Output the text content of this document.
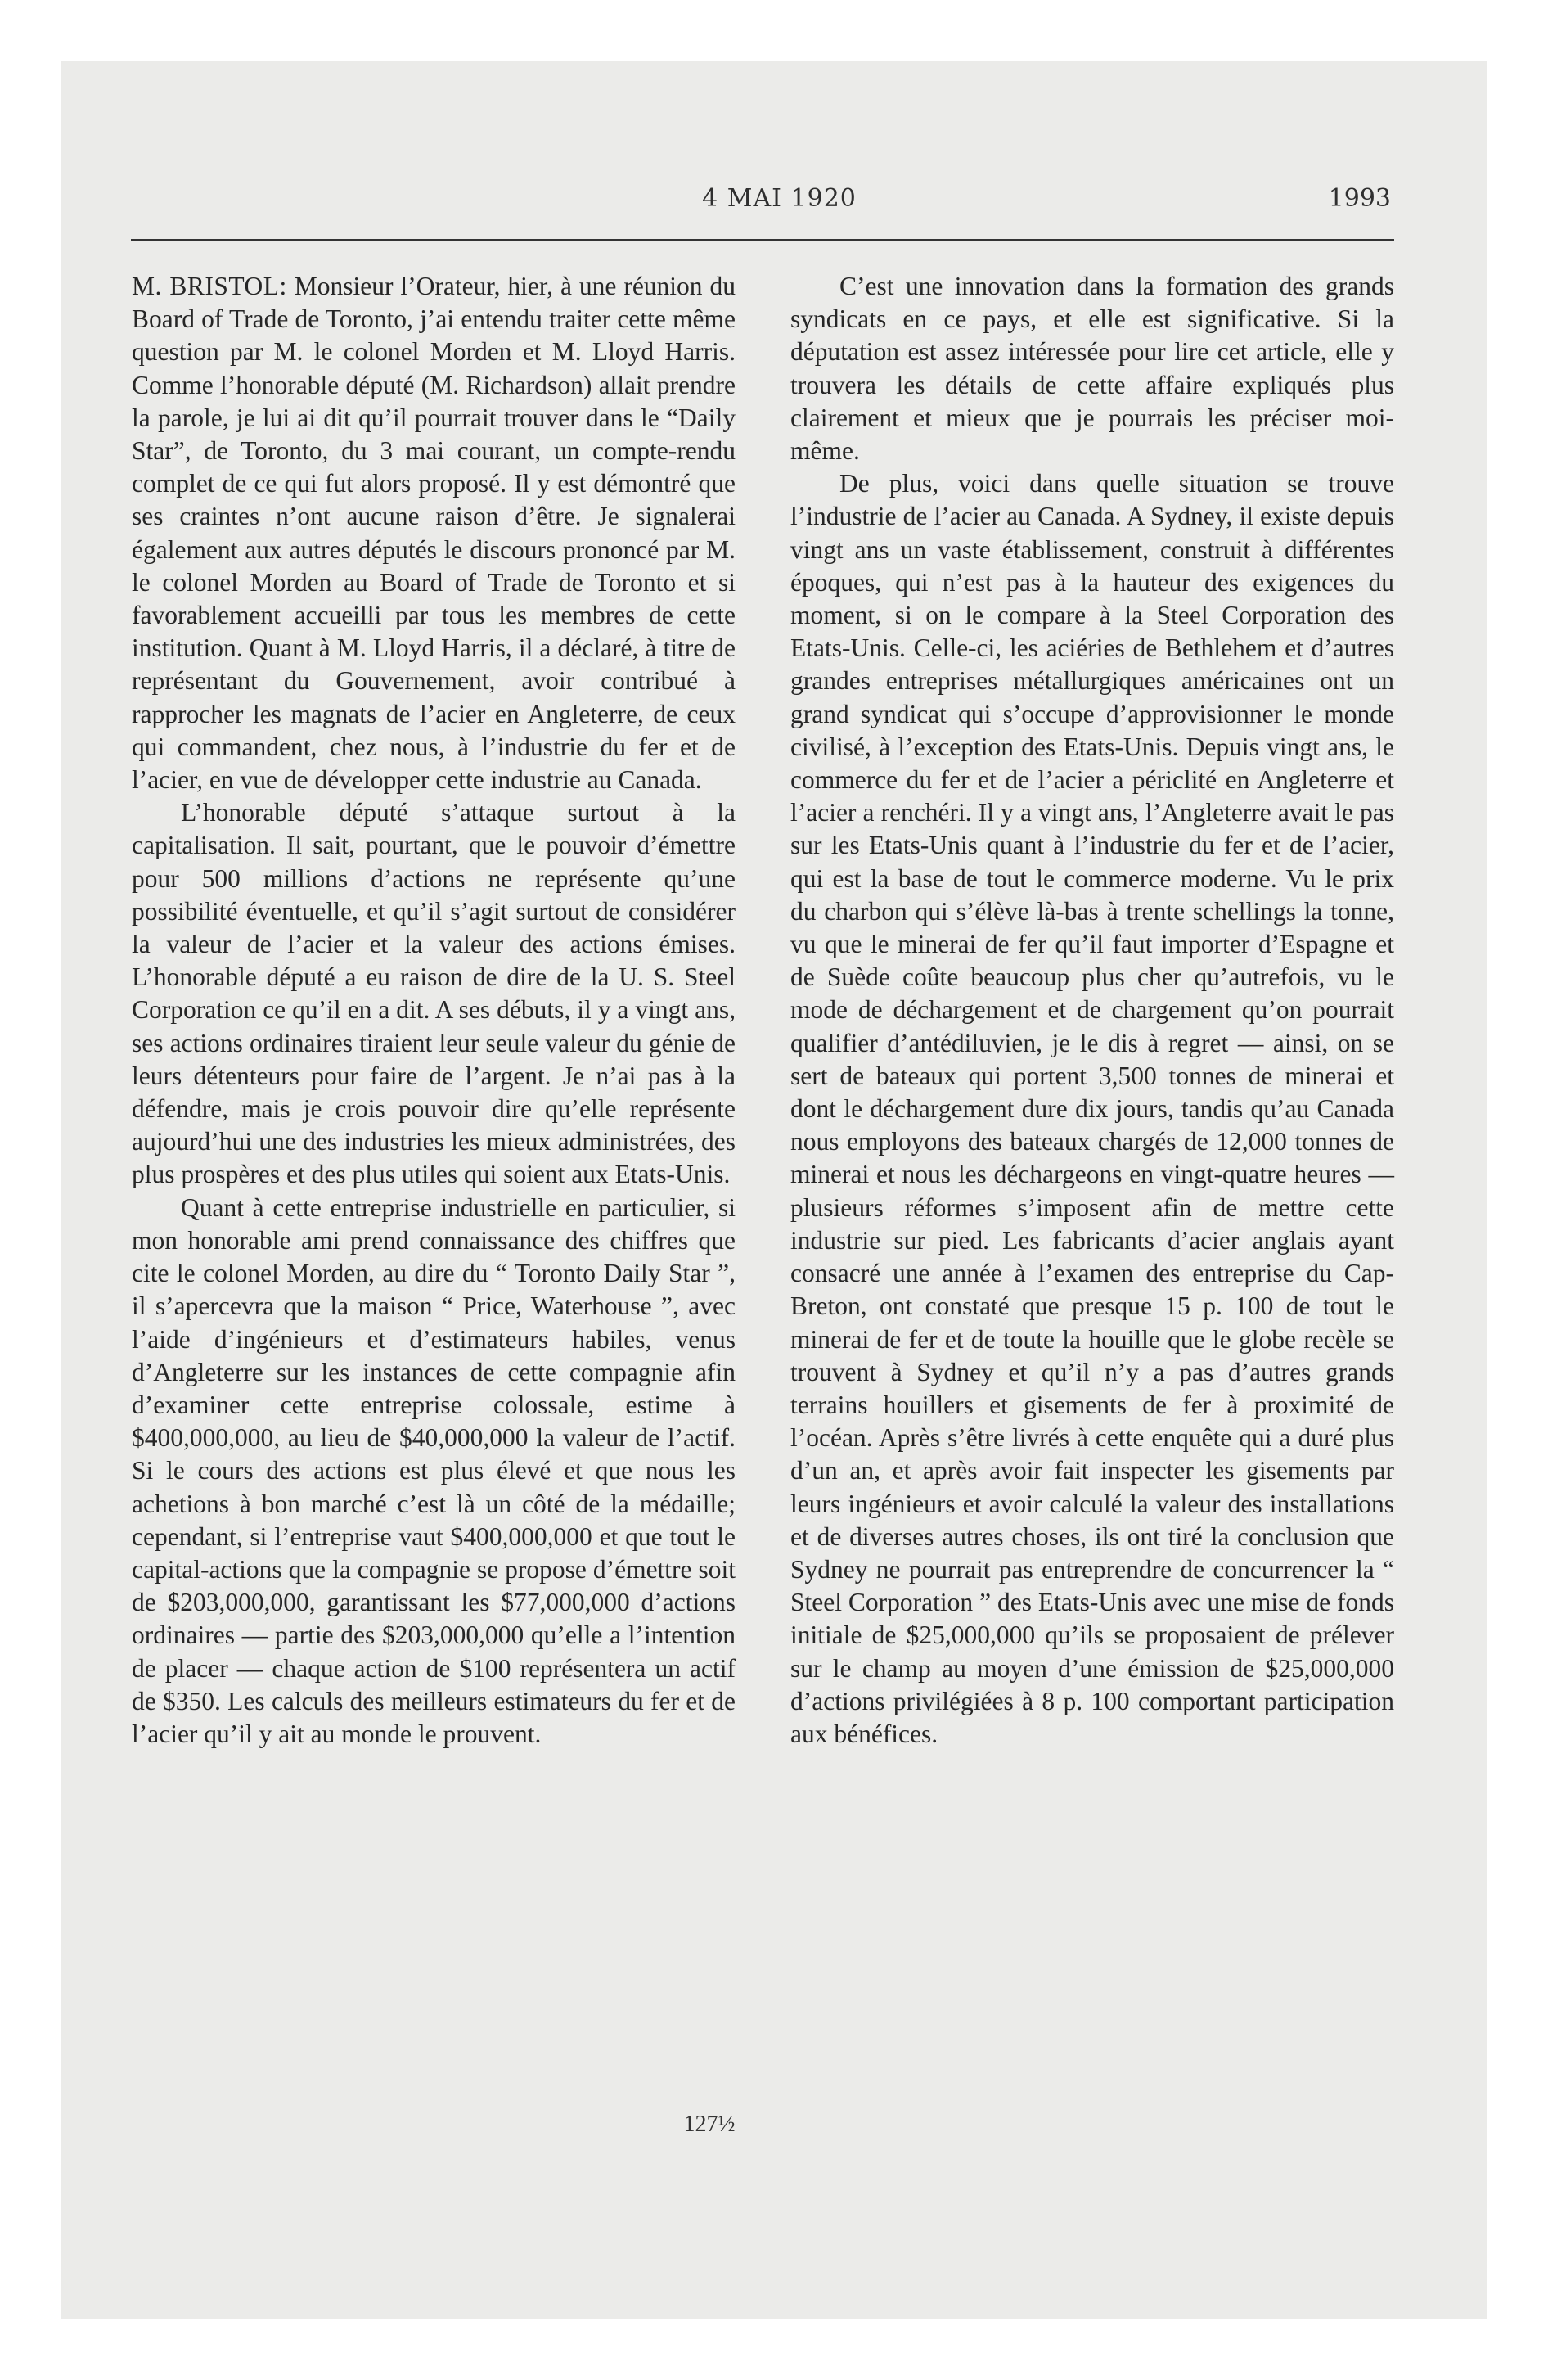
4 MAI 1920	1993

M. BRISTOL: Monsieur l’Orateur, hier, à une réunion du Board of Trade de Toronto, j’ai entendu traiter cette même question par M. le colonel Morden et M. Lloyd Harris. Comme l’honorable député (M. Richardson) allait prendre la parole, je lui ai dit qu’il pourrait trouver dans le “Daily Star”, de Toronto, du 3 mai courant, un compte-rendu complet de ce qui fut alors proposé. Il y est démontré que ses craintes n’ont aucune raison d’être. Je signalerai également aux autres députés le discours prononcé par M. le colonel Morden au Board of Trade de Toronto et si favorablement accueilli par tous les membres de cette institution. Quant à M. Lloyd Harris, il a déclaré, à titre de représentant du Gouvernement, avoir contribué à rapprocher les magnats de l’acier en Angleterre, de ceux qui commandent, chez nous, à l’industrie du fer et de l’acier, en vue de développer cette industrie au Canada.

L’honorable député s’attaque surtout à la capitalisation. Il sait, pourtant, que le pouvoir d’émettre pour 500 millions d’actions ne représente qu’une possibilité éventuelle, et qu’il s’agit surtout de considérer la valeur de l’acier et la valeur des actions émises. L’honorable député a eu raison de dire de la U. S. Steel Corporation ce qu’il en a dit. A ses débuts, il y a vingt ans, ses actions ordinaires tiraient leur seule valeur du génie de leurs détenteurs pour faire de l’argent. Je n’ai pas à la défendre, mais je crois pouvoir dire qu’elle représente aujourd’hui une des industries les mieux administrées, des plus prospères et des plus utiles qui soient aux Etats-Unis.

Quant à cette entreprise industrielle en particulier, si mon honorable ami prend connaissance des chiffres que cite le colonel Morden, au dire du “ Toronto Daily Star ”, il s’apercevra que la maison “ Price, Waterhouse ”, avec l’aide d’ingénieurs et d’estimateurs habiles, venus d’Angleterre sur les instances de cette compagnie afin d’examiner cette entreprise colossale, estime à $400,000,000, au lieu de $40,000,000 la valeur de l’actif. Si le cours des actions est plus élevé et que nous les achetions à bon marché c’est là un côté de la médaille; cependant, si l’entreprise vaut $400,000,000 et que tout le capital-actions que la compagnie se propose d’émettre soit de $203,000,000, garantissant les $77,000,000 d’actions ordinaires — partie des $203,000,000 qu’elle a l’intention de placer — chaque action de $100 représentera un actif de $350. Les calculs des meilleurs estimateurs du fer et de l’acier qu’il y ait au monde le prouvent.

C’est une innovation dans la formation des grands syndicats en ce pays, et elle est significative. Si la députation est assez intéressée pour lire cet article, elle y trouvera les détails de cette affaire expliqués plus clairement et mieux que je pourrais les préciser moi-même.

De plus, voici dans quelle situation se trouve l’industrie de l’acier au Canada. A Sydney, il existe depuis vingt ans un vaste établissement, construit à différentes époques, qui n’est pas à la hauteur des exigences du moment, si on le compare à la Steel Corporation des Etats-Unis. Celle-ci, les aciéries de Bethlehem et d’autres grandes entreprises métallurgiques américaines ont un grand syndicat qui s’occupe d’approvisionner le monde civilisé, à l’exception des Etats-Unis. Depuis vingt ans, le commerce du fer et de l’acier a périclité en Angleterre et l’acier a renchéri. Il y a vingt ans, l’Angleterre avait le pas sur les Etats-Unis quant à l’industrie du fer et de l’acier, qui est la base de tout le commerce moderne. Vu le prix du charbon qui s’élève là-bas à trente schellings la tonne, vu que le minerai de fer qu’il faut importer d’Espagne et de Suède coûte beaucoup plus cher qu’autrefois, vu le mode de déchargement et de chargement qu’on pourrait qualifier d’antédiluvien, je le dis à regret — ainsi, on se sert de bateaux qui portent 3,500 tonnes de minerai et dont le déchargement dure dix jours, tandis qu’au Canada nous employons des bateaux chargés de 12,000 tonnes de minerai et nous les déchargeons en vingt-quatre heures — plusieurs réformes s’imposent afin de mettre cette industrie sur pied. Les fabricants d’acier anglais ayant consacré une année à l’examen des entreprise du Cap-Breton, ont constaté que presque 15 p. 100 de tout le minerai de fer et de toute la houille que le globe recèle se trouvent à Sydney et qu’il n’y a pas d’autres grands terrains houillers et gisements de fer à proximité de l’océan. Après s’être livrés à cette enquête qui a duré plus d’un an, et après avoir fait inspecter les gisements par leurs ingénieurs et avoir calculé la valeur des installations et de diverses autres choses, ils ont tiré la conclusion que Sydney ne pourrait pas entreprendre de concurrencer la “ Steel Corporation ” des Etats-Unis avec une mise de fonds initiale de $25,000,000 qu’ils se proposaient de prélever sur le champ au moyen d’une émission de $25,000,000 d’actions privilégiées à 8 p. 100 comportant participation aux bénéfices.

127½
